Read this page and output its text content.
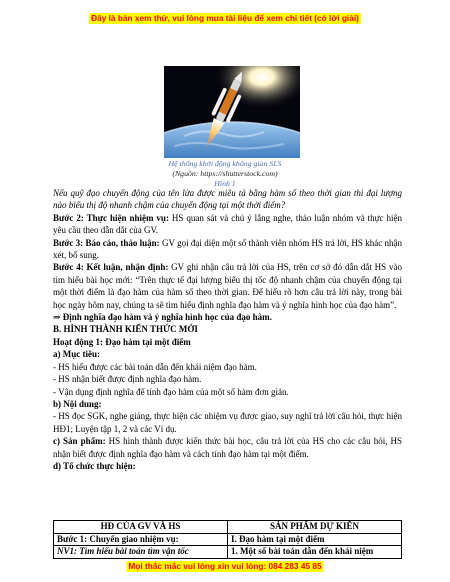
Đây là bản xem thử, vui lòng mua tài liệu để xem chi tiết (có lời giải)
Hệ thống khởi động không gian SLS
(Nguồn: https://shutterstock.com)
Hình 1

Nếu quỹ đạo chuyển động của tên lửa được miêu tả bằng hàm số theo thời gian thì đại lượng nào biểu thị độ nhanh chậm của chuyển động tại một thời điểm?

Bước 2: Thực hiện nhiệm vụ: HS quan sát và chú ý lắng nghe, thảo luận nhóm và thực hiện yêu cầu theo dẫn dắt của GV.

Bước 3: Báo cáo, thảo luận: GV gọi đại diện một số thành viên nhóm HS trả lời, HS khác nhận xét, bổ sung.

Bước 4: Kết luận, nhận định: GV ghi nhận câu trả lời của HS, trên cơ sở đó dẫn dắt HS vào tìm hiểu bài học mới: “Trên thực tế đại lượng biểu thị tốc độ nhanh chậm của chuyển động tại một thời điểm là đạo hàm của hàm số theo thời gian. Để hiểu rõ hơn câu trả lời này, trong bài học ngày hôm nay, chúng ta sẽ tìm hiểu định nghĩa đạo hàm và ý nghĩa hình học của đạo hàm”.

⇒ Định nghĩa đạo hàm và ý nghĩa hình học của đạo hàm.

B. HÌNH THÀNH KIẾN THỨC MỚI

Hoạt động 1: Đạo hàm tại một điểm

a) Mục tiêu:

- HS hiểu được các bài toán dẫn đến khái niệm đạo hàm.

- HS nhận biết được định nghĩa đạo hàm.

- Vận dụng định nghĩa để tính đạo hàm của một số hàm đơn giản.

b) Nội dung:

- HS đọc SGK, nghe giảng, thực hiện các nhiệm vụ được giao, suy nghĩ trả lời câu hỏi, thực hiện HĐ1; Luyện tập 1, 2 và các Ví dụ.

c) Sản phẩm: HS hình thành được kiến thức bài học, câu trả lời của HS cho các câu hỏi, HS nhận biết được định nghĩa đạo hàm và cách tính đạo hàm tại một điểm.

d) Tổ chức thực hiện:

HĐ CỦA GV VÀ HS	SẢN PHẨM DỰ KIẾN
Bước 1: Chuyển giao nhiệm vụ:	I. Đạo hàm tại một điểm
NV1: Tìm hiểu bài toán tìm vận tốc	1. Một số bài toán dẫn đến khái niệm
Mọi thắc mắc vui lòng xin vui lòng: 084 283 45 85
